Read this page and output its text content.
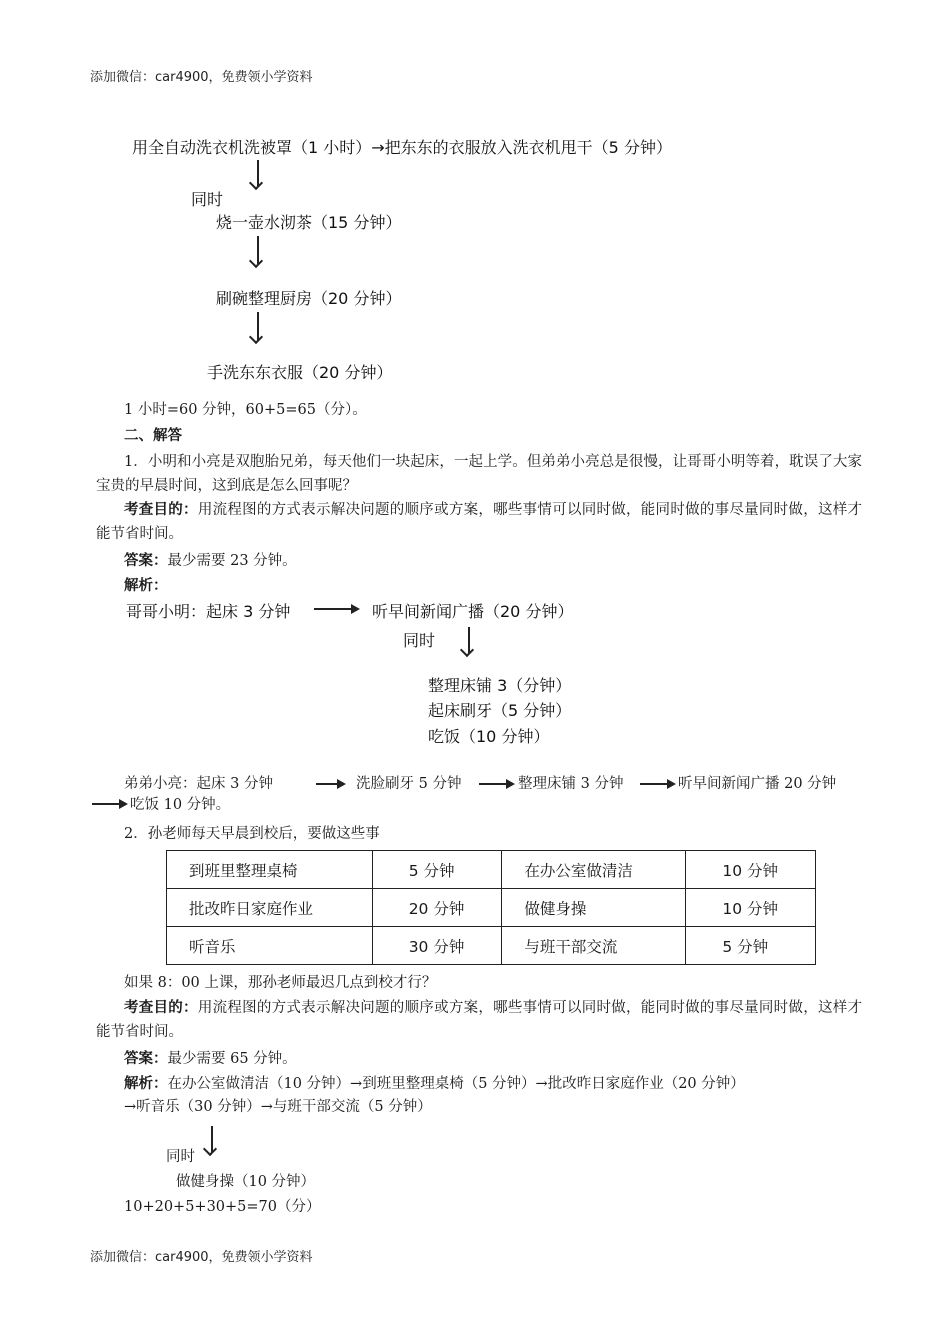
添加微信：car4900，免费领小学资料
用全自动洗衣机洗被罩（1 小时）→把东东的衣服放入洗衣机甩干（5 分钟）
同时
烧一壶水沏茶（15 分钟）
刷碗整理厨房（20 分钟）
手洗东东衣服（20 分钟）
1 小时=60 分钟，60+5=65（分）。
二、解答
1．小明和小亮是双胞胎兄弟，每天他们一块起床，一起上学。但弟弟小亮总是很慢，让哥哥小明等着，耽误了大家宝贵的早晨时间，这到底是怎么回事呢？
考查目的：用流程图的方式表示解决问题的顺序或方案，哪些事情可以同时做，能同时做的事尽量同时做，这样才能节省时间。
答案：最少需要 23 分钟。
解析：
哥哥小明：起床 3 分钟	听早间新闻广播（20 分钟）
同时
整理床铺 3（分钟）
起床刷牙（5 分钟）
吃饭（10 分钟）
弟弟小亮：起床 3 分钟	洗脸刷牙 5 分钟	整理床铺 3 分钟	听早间新闻广播 20 分钟
吃饭 10 分钟。
2．孙老师每天早晨到校后，要做这些事
到班里整理桌椅	5 分钟	在办公室做清洁	10 分钟
批改昨日家庭作业	20 分钟	做健身操	10 分钟
听音乐	30 分钟	与班干部交流	5 分钟
如果 8：00 上课，那孙老师最迟几点到校才行？
考查目的：用流程图的方式表示解决问题的顺序或方案，哪些事情可以同时做，能同时做的事尽量同时做，这样才能节省时间。
答案：最少需要 65 分钟。
解析：在办公室做清洁（10 分钟）→到班里整理桌椅（5 分钟）→批改昨日家庭作业（20 分钟）
→听音乐（30 分钟）→与班干部交流（5 分钟）
同时
做健身操（10 分钟）
10+20+5+30+5=70（分）
添加微信：car4900，免费领小学资料
